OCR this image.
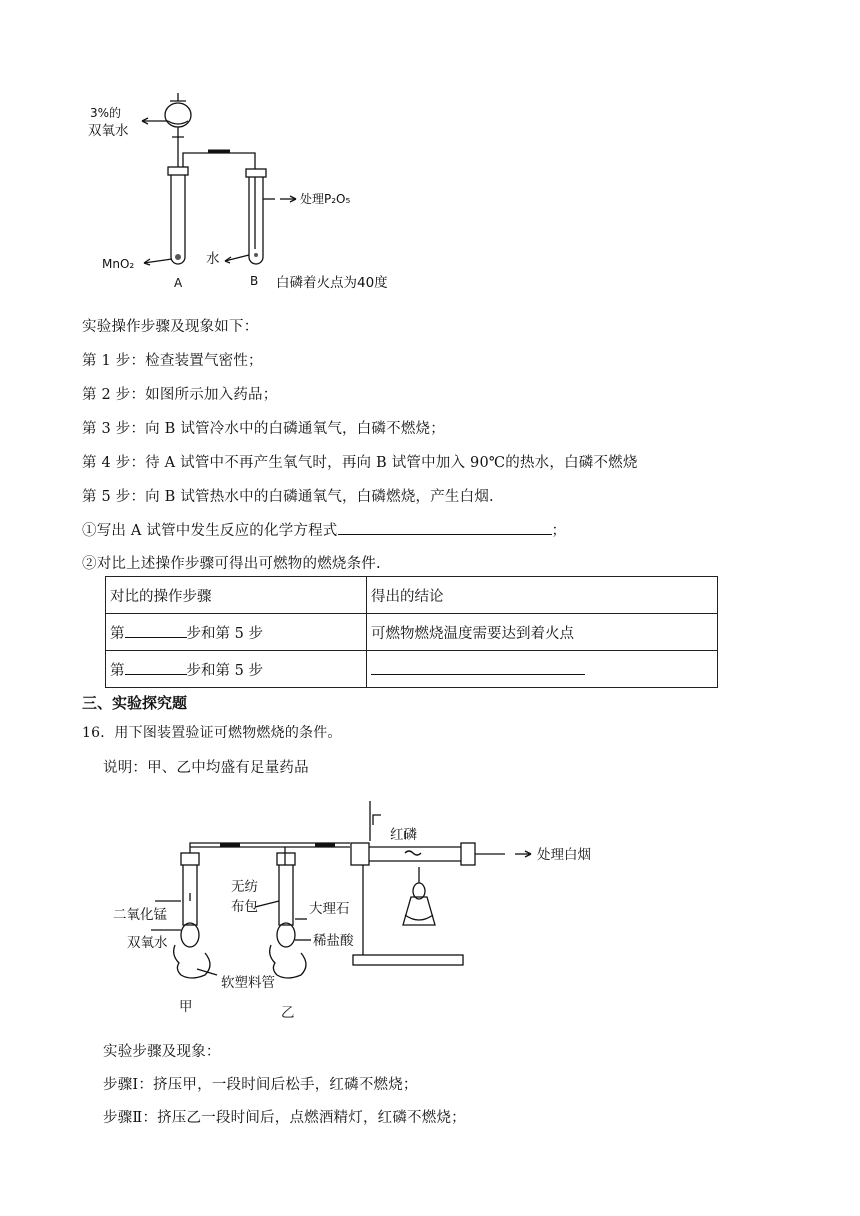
3%的
双氧水
处理P₂O₅
MnO₂	水
A	B 白磷着火点为40度
实验操作步骤及现象如下：
第 1 步：检查装置气密性；
第 2 步：如图所示加入药品；
第 3 步：向 B 试管冷水中的白磷通氧气，白磷不燃烧；
第 4 步：待 A 试管中不再产生氧气时，再向 B 试管中加入 90℃的热水，白磷不燃烧
第 5 步：向 B 试管热水中的白磷通氧气，白磷燃烧，产生白烟.
①写出 A 试管中发生反应的化学方程式	；
②对比上述操作步骤可得出可燃物的燃烧条件.
对比的操作步骤	得出的结论
第 步和第 5 步	可燃物燃烧温度需要达到着火点
第 步和第 5 步	
三、实验探究题
16．用下图装置验证可燃物燃烧的条件。
说明：甲、乙中均盛有足量药品
红磷
处理白烟
无纺
布包
二氧化锰
双氧水
大理石
稀盐酸
软塑料管
甲	乙
实验步骤及现象：
步骤Ⅰ：挤压甲，一段时间后松手，红磷不燃烧；
步骤Ⅱ：挤压乙一段时间后，点燃酒精灯，红磷不燃烧；
